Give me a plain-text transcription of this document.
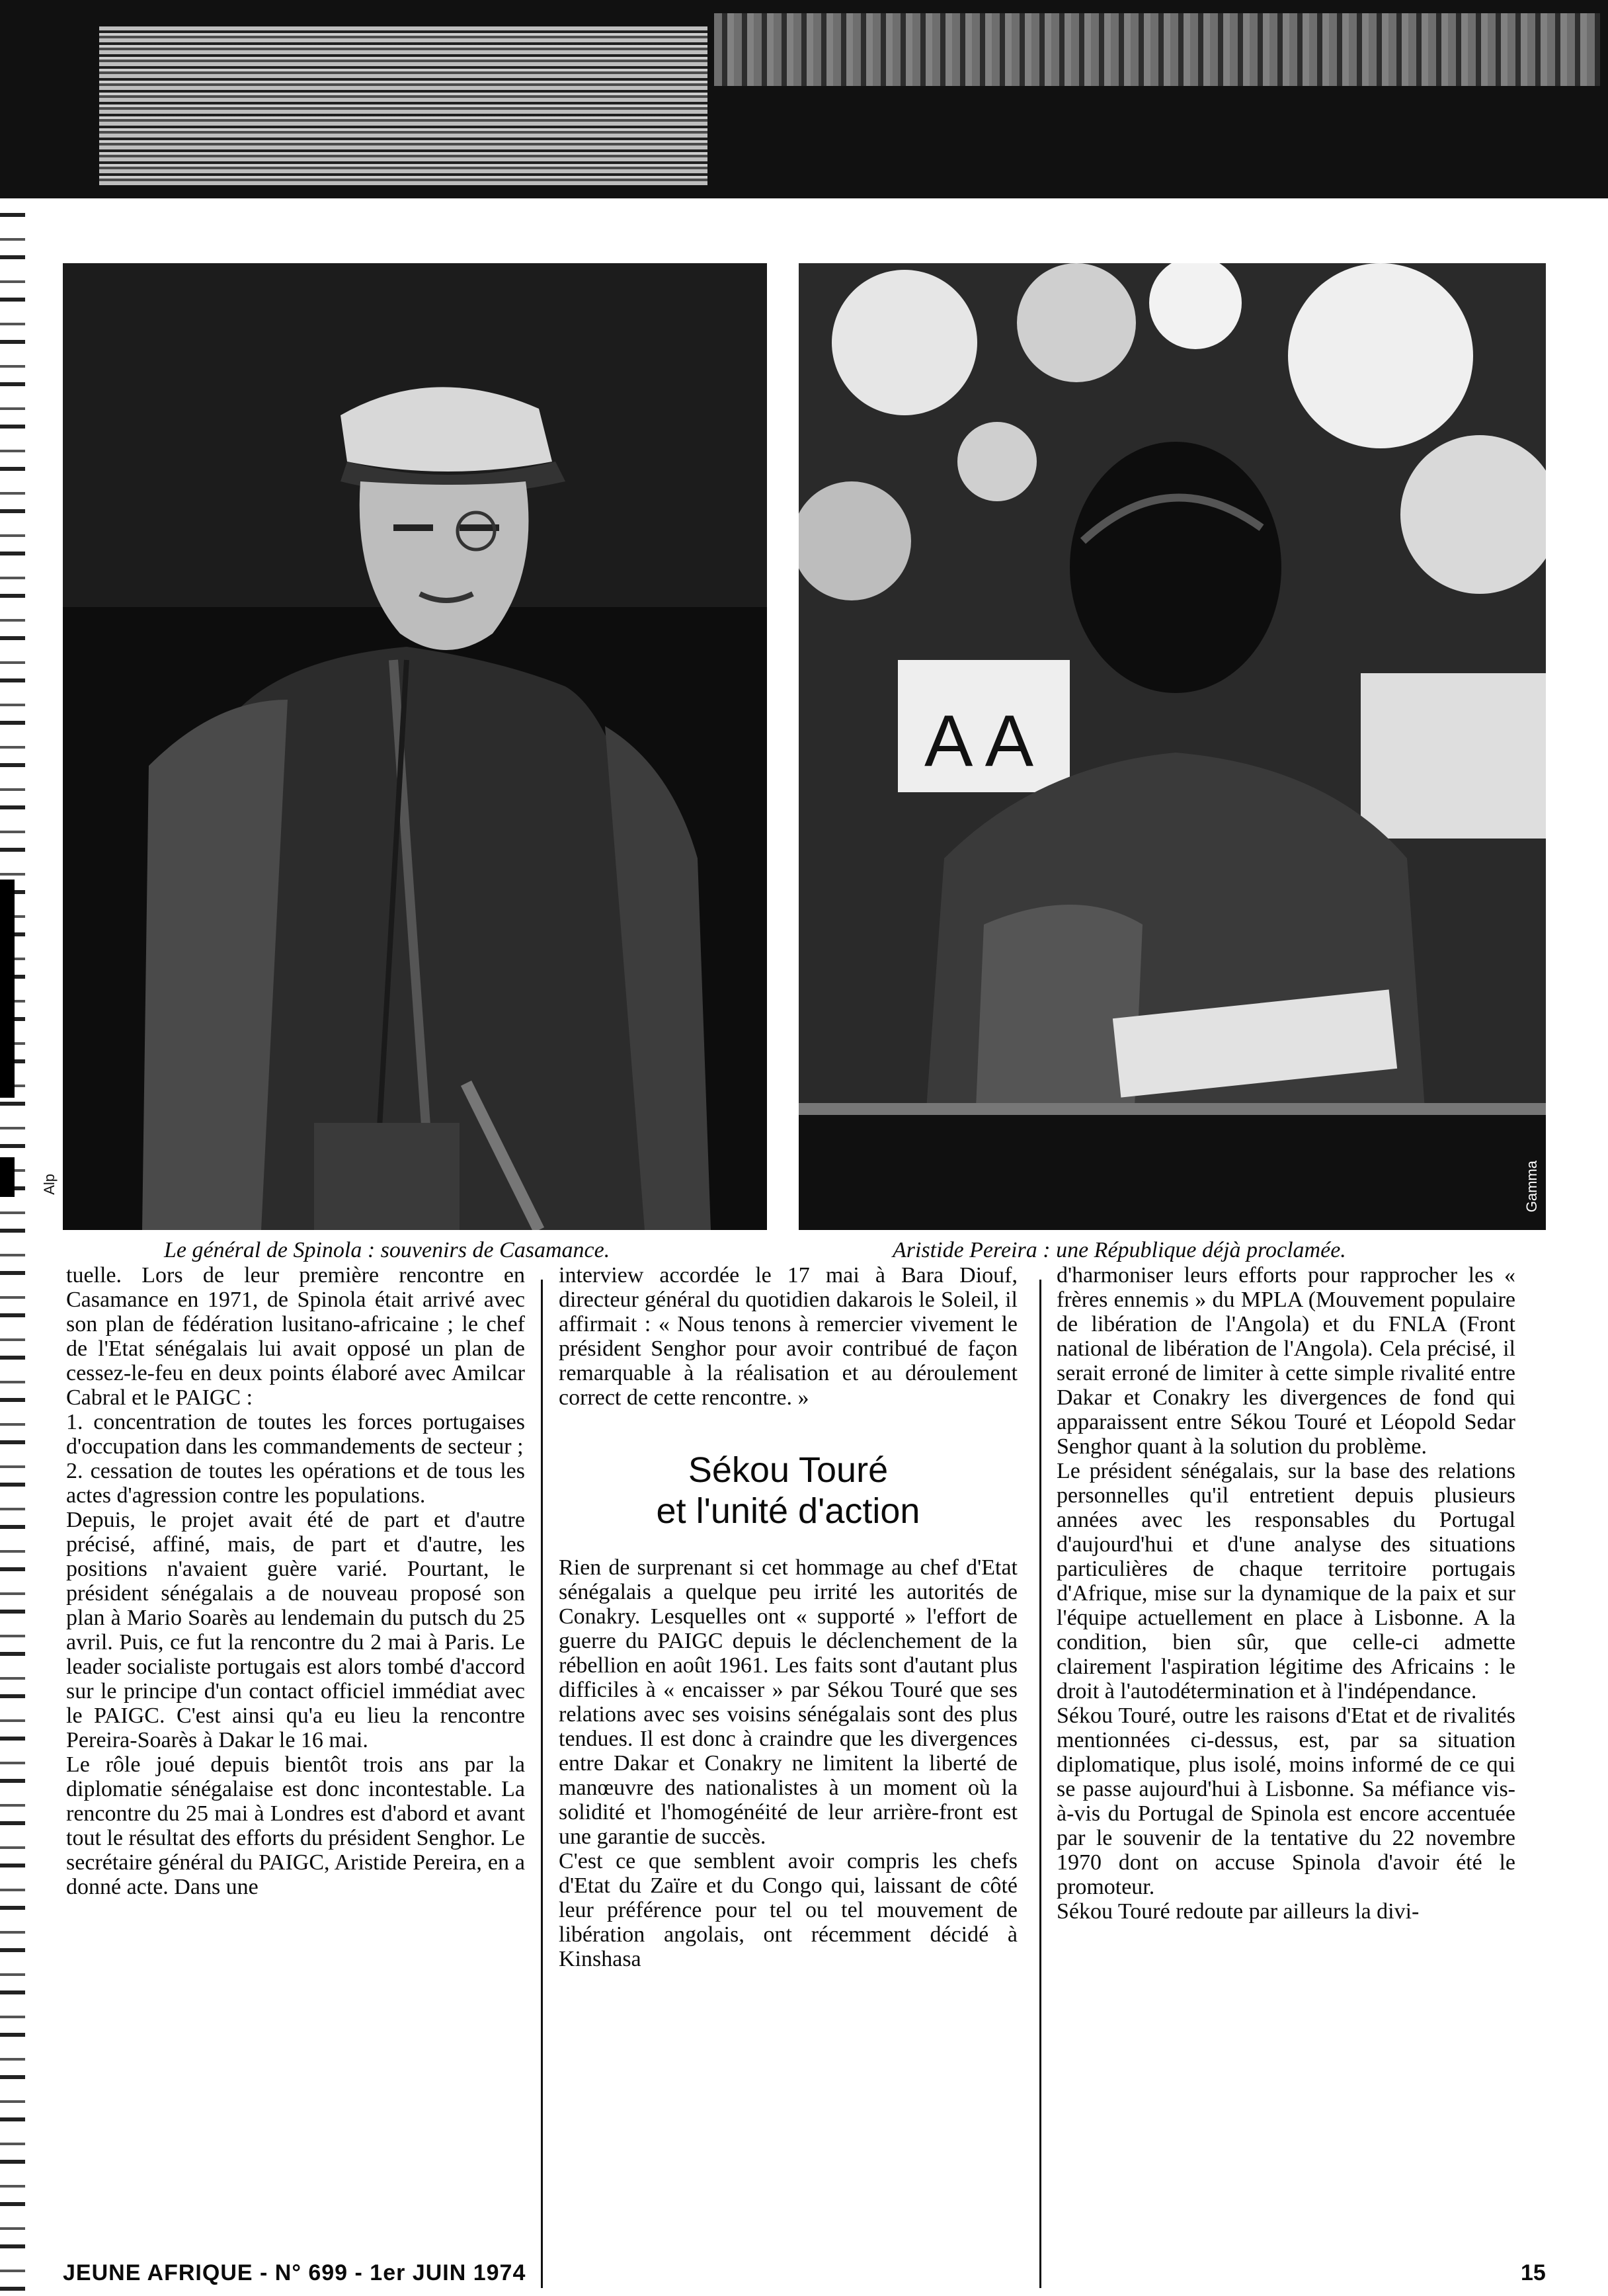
Alp
A A
Gamma
Le général de Spinola : souvenirs de Casamance.	Aristide Pereira : une République déjà proclamée.

tuelle. Lors de leur première rencontre en Casamance en 1971, de Spinola était arrivé avec son plan de fédération lusitano-africaine ; le chef de l'Etat sénégalais lui avait opposé un plan de cessez-le-feu en deux points élaboré avec Amilcar Cabral et le PAIGC :

1. concentration de toutes les forces portugaises d'occupation dans les commandements de secteur ;

2. cessation de toutes les opérations et de tous les actes d'agression contre les populations.

Depuis, le projet avait été de part et d'autre précisé, affiné, mais, de part et d'autre, les positions n'avaient guère varié. Pourtant, le président sénégalais a de nouveau proposé son plan à Mario Soarès au lendemain du putsch du 25 avril. Puis, ce fut la rencontre du 2 mai à Paris. Le leader socialiste portugais est alors tombé d'accord sur le principe d'un contact officiel immédiat avec le PAIGC. C'est ainsi qu'a eu lieu la rencontre Pereira-Soarès à Dakar le 16 mai.

Le rôle joué depuis bientôt trois ans par la diplomatie sénégalaise est donc incontestable. La rencontre du 25 mai à Londres est d'abord et avant tout le résultat des efforts du président Senghor. Le secrétaire général du PAIGC, Aristide Pereira, en a donné acte. Dans une

interview accordée le 17 mai à Bara Diouf, directeur général du quotidien dakarois le Soleil, il affirmait : « Nous tenons à remercier vivement le président Senghor pour avoir contribué de façon remarquable à la réalisation et au déroulement correct de cette rencontre. »

Sékou Touré
et l'unité d'action

Rien de surprenant si cet hommage au chef d'Etat sénégalais a quelque peu irrité les autorités de Conakry. Lesquelles ont « supporté » l'effort de guerre du PAIGC depuis le déclenchement de la rébellion en août 1961. Les faits sont d'autant plus difficiles à « encaisser » par Sékou Touré que ses relations avec ses voisins sénégalais sont des plus tendues. Il est donc à craindre que les divergences entre Dakar et Conakry ne limitent la liberté de manœuvre des nationalistes à un moment où la solidité et l'homogénéité de leur arrière-front est une garantie de succès.

C'est ce que semblent avoir compris les chefs d'Etat du Zaïre et du Congo qui, laissant de côté leur préférence pour tel ou tel mouvement de libération angolais, ont récemment décidé à Kinshasa

d'harmoniser leurs efforts pour rapprocher les « frères ennemis » du MPLA (Mouvement populaire de libération de l'Angola) et du FNLA (Front national de libération de l'Angola). Cela précisé, il serait erroné de limiter à cette simple rivalité entre Dakar et Conakry les divergences de fond qui apparaissent entre Sékou Touré et Léopold Sedar Senghor quant à la solution du problème.

Le président sénégalais, sur la base des relations personnelles qu'il entretient depuis plusieurs années avec les responsables du Portugal d'aujourd'hui et d'une analyse des situations particulières de chaque territoire portugais d'Afrique, mise sur la dynamique de la paix et sur l'équipe actuellement en place à Lisbonne. A la condition, bien sûr, que celle-ci admette clairement l'aspiration légitime des Africains : le droit à l'autodétermination et à l'indépendance.

Sékou Touré, outre les raisons d'Etat et de rivalités mentionnées ci-dessus, est, par sa situation diplomatique, plus isolé, moins informé de ce qui se passe aujourd'hui à Lisbonne. Sa méfiance vis-à-vis du Portugal de Spinola est encore accentuée par le souvenir de la tentative du 22 novembre 1970 dont on accuse Spinola d'avoir été le promoteur.

Sékou Touré redoute par ailleurs la divi-

JEUNE AFRIQUE - N° 699 - 1er JUIN 1974	15
